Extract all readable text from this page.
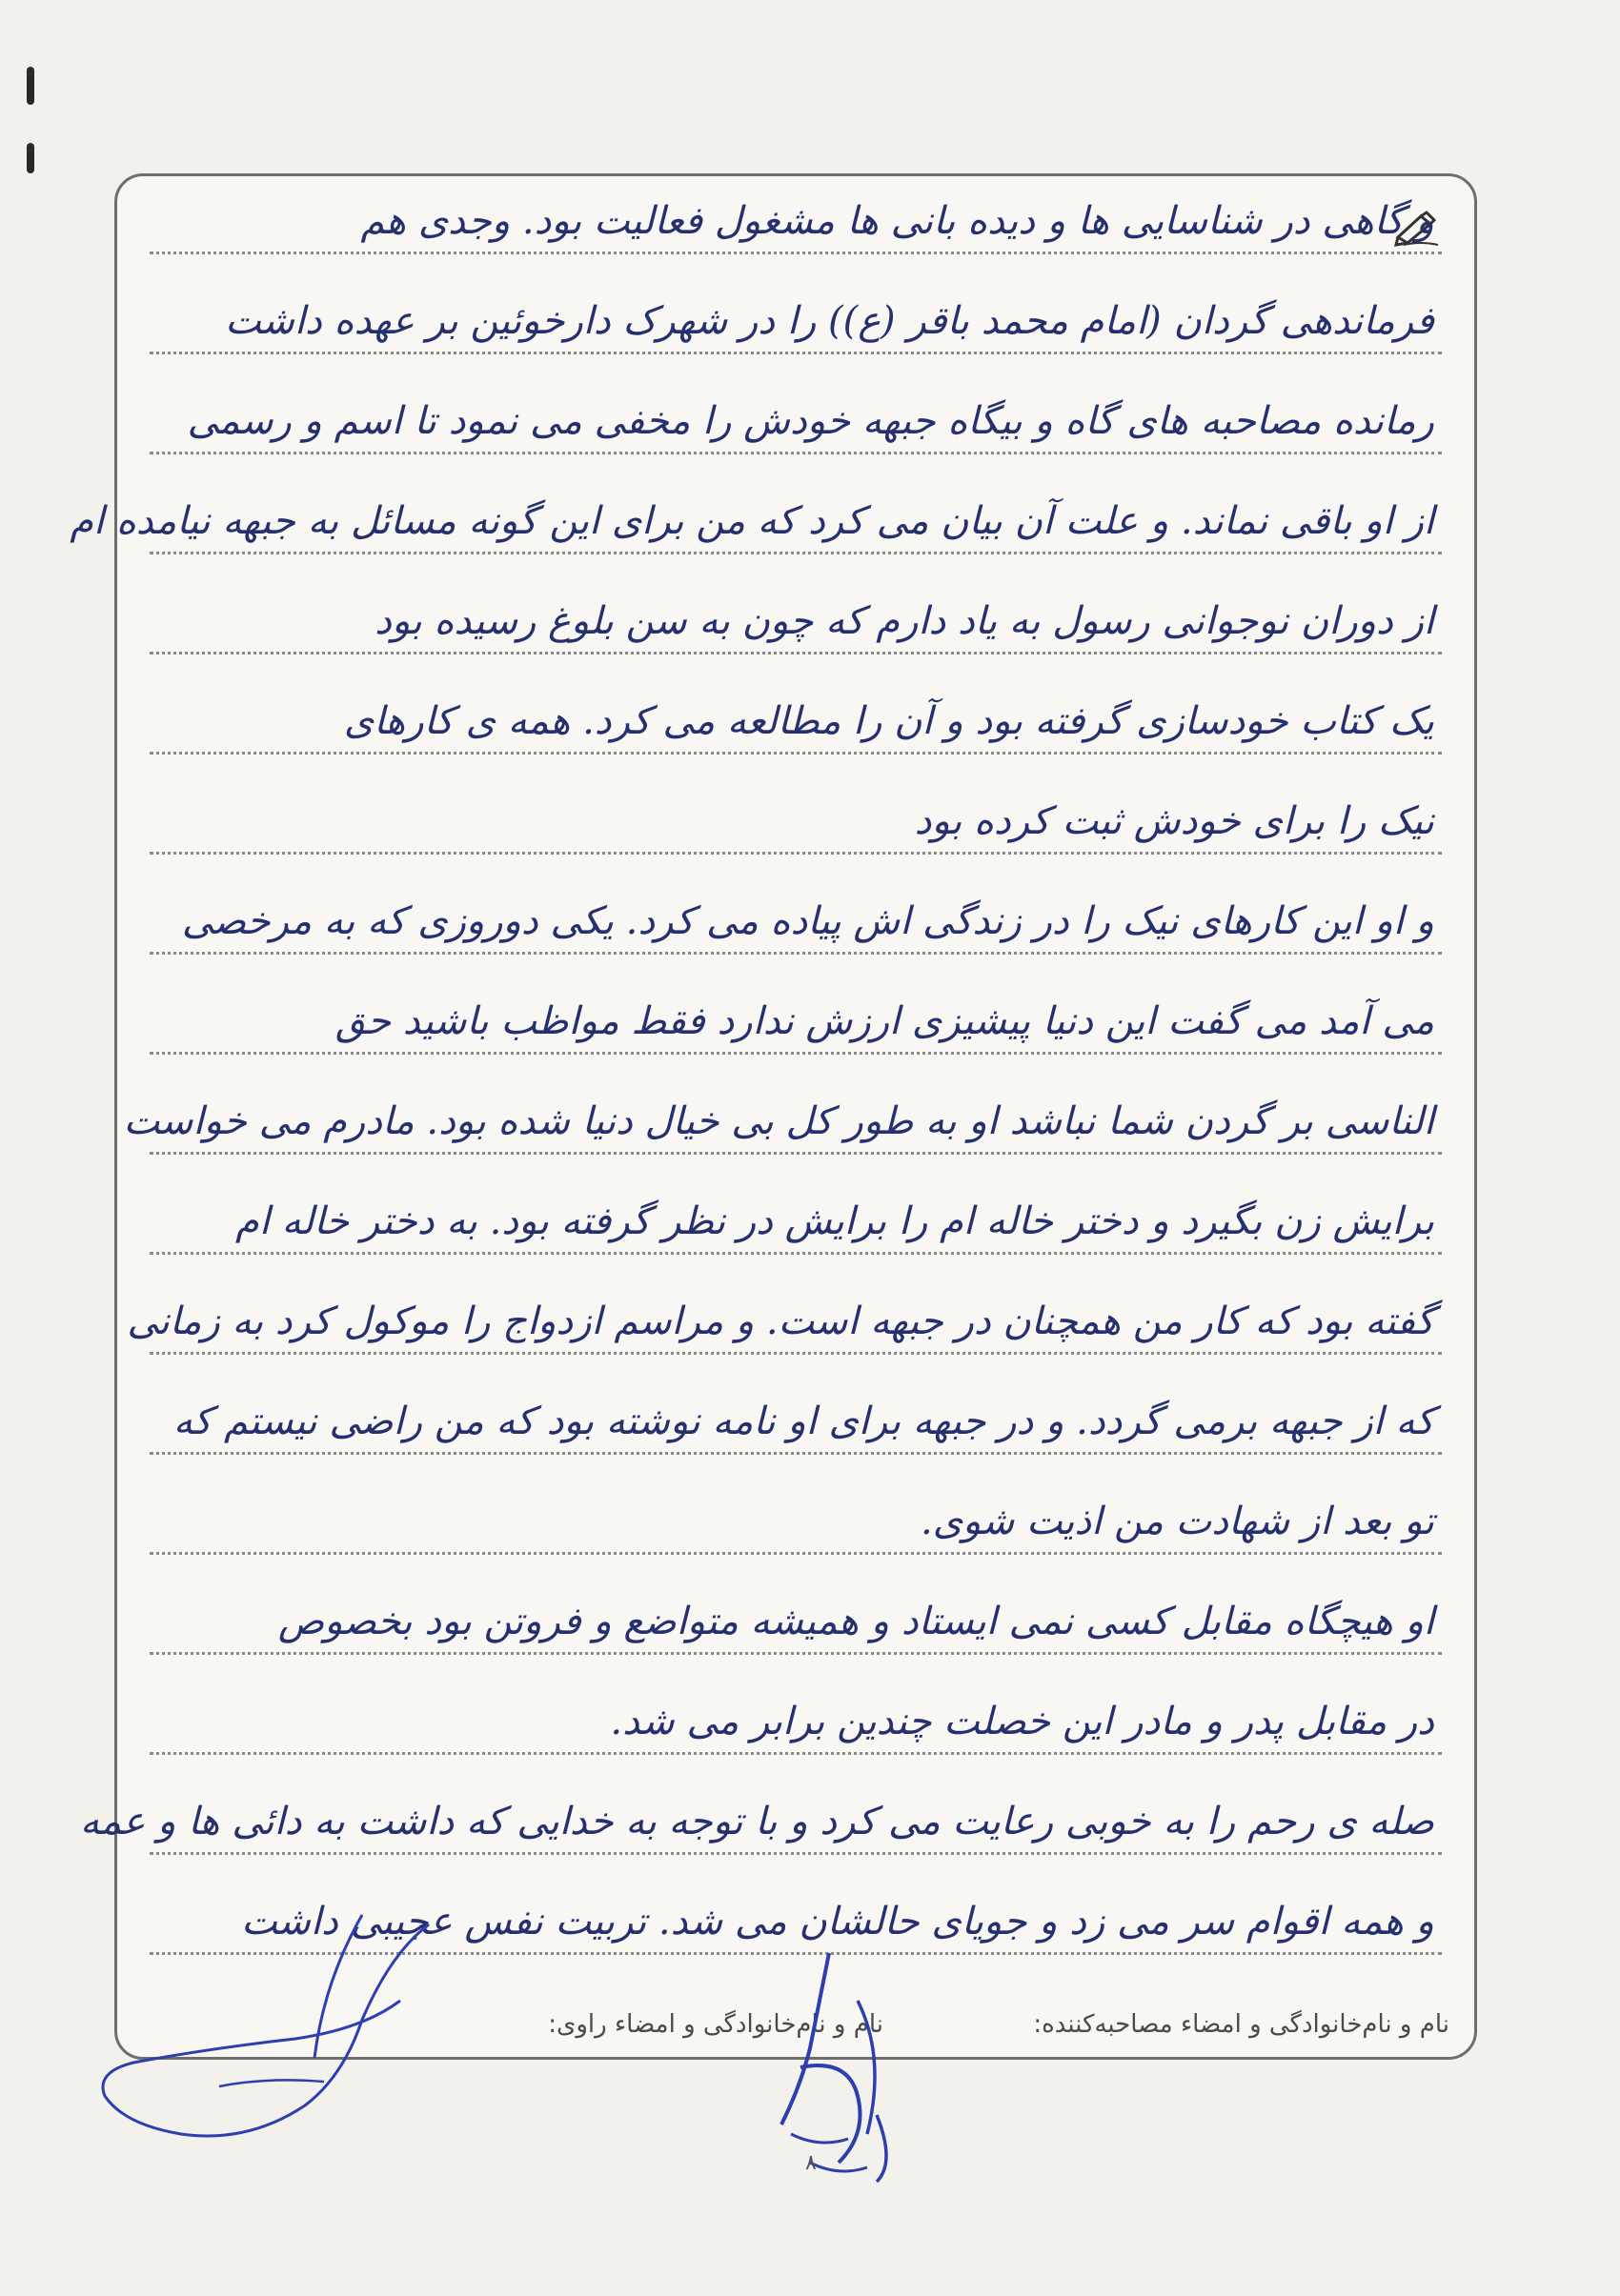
و گاهی در شناسایی ها و دیده بانی ها مشغول فعالیت بود. وجدی هم
فرماندهی گردان (امام محمد باقر (ع)) را در شهرک دارخوئین بر عهده داشت
رمانده مصاحبه های گاه و بیگاه جبهه خودش را مخفی می نمود تا اسم و رسمی
از او باقی نماند. و علت آن بیان می کرد که من برای این گونه مسائل به جبهه نیامده ام
از دوران نوجوانی رسول به یاد دارم که چون به سن بلوغ رسیده بود
یک کتاب خودسازی گرفته بود و آن را مطالعه می کرد. همه ی کارهای
نیک را برای خودش ثبت کرده بود
و او این کارهای نیک را در زندگی اش پیاده می کرد. یکی دوروزی که به مرخصی
می آمد می گفت این دنیا پیشیزی ارزش ندارد فقط مواظب باشید حق
الناسی بر گردن شما نباشد او به طور کل بی خیال دنیا شده بود. مادرم می خواست
برایش زن بگیرد و دختر خاله ام را برایش در نظر گرفته بود. به دختر خاله ام
گفته بود که کار من همچنان در جبهه است. و مراسم ازدواج را موکول کرد به زمانی
که از جبهه برمی گردد. و در جبهه برای او نامه نوشته بود که من راضی نیستم که
تو بعد از شهادت من اذیت شوی.
او هیچگاه مقابل کسی نمی ایستاد و همیشه متواضع و فروتن بود بخصوص
در مقابل پدر و مادر این خصلت چندین برابر می شد.
صله ی رحم را به خوبی رعایت می کرد و با توجه به خدایی که داشت به دائی ها و عمه
و همه اقوام سر می زد و جویای حالشان می شد. تربیت نفس عجیبی داشت
نام و نام‌خانوادگی و امضاء مصاحبه‌کننده:
نام و نام‌خانوادگی و امضاء راوی:
۸
